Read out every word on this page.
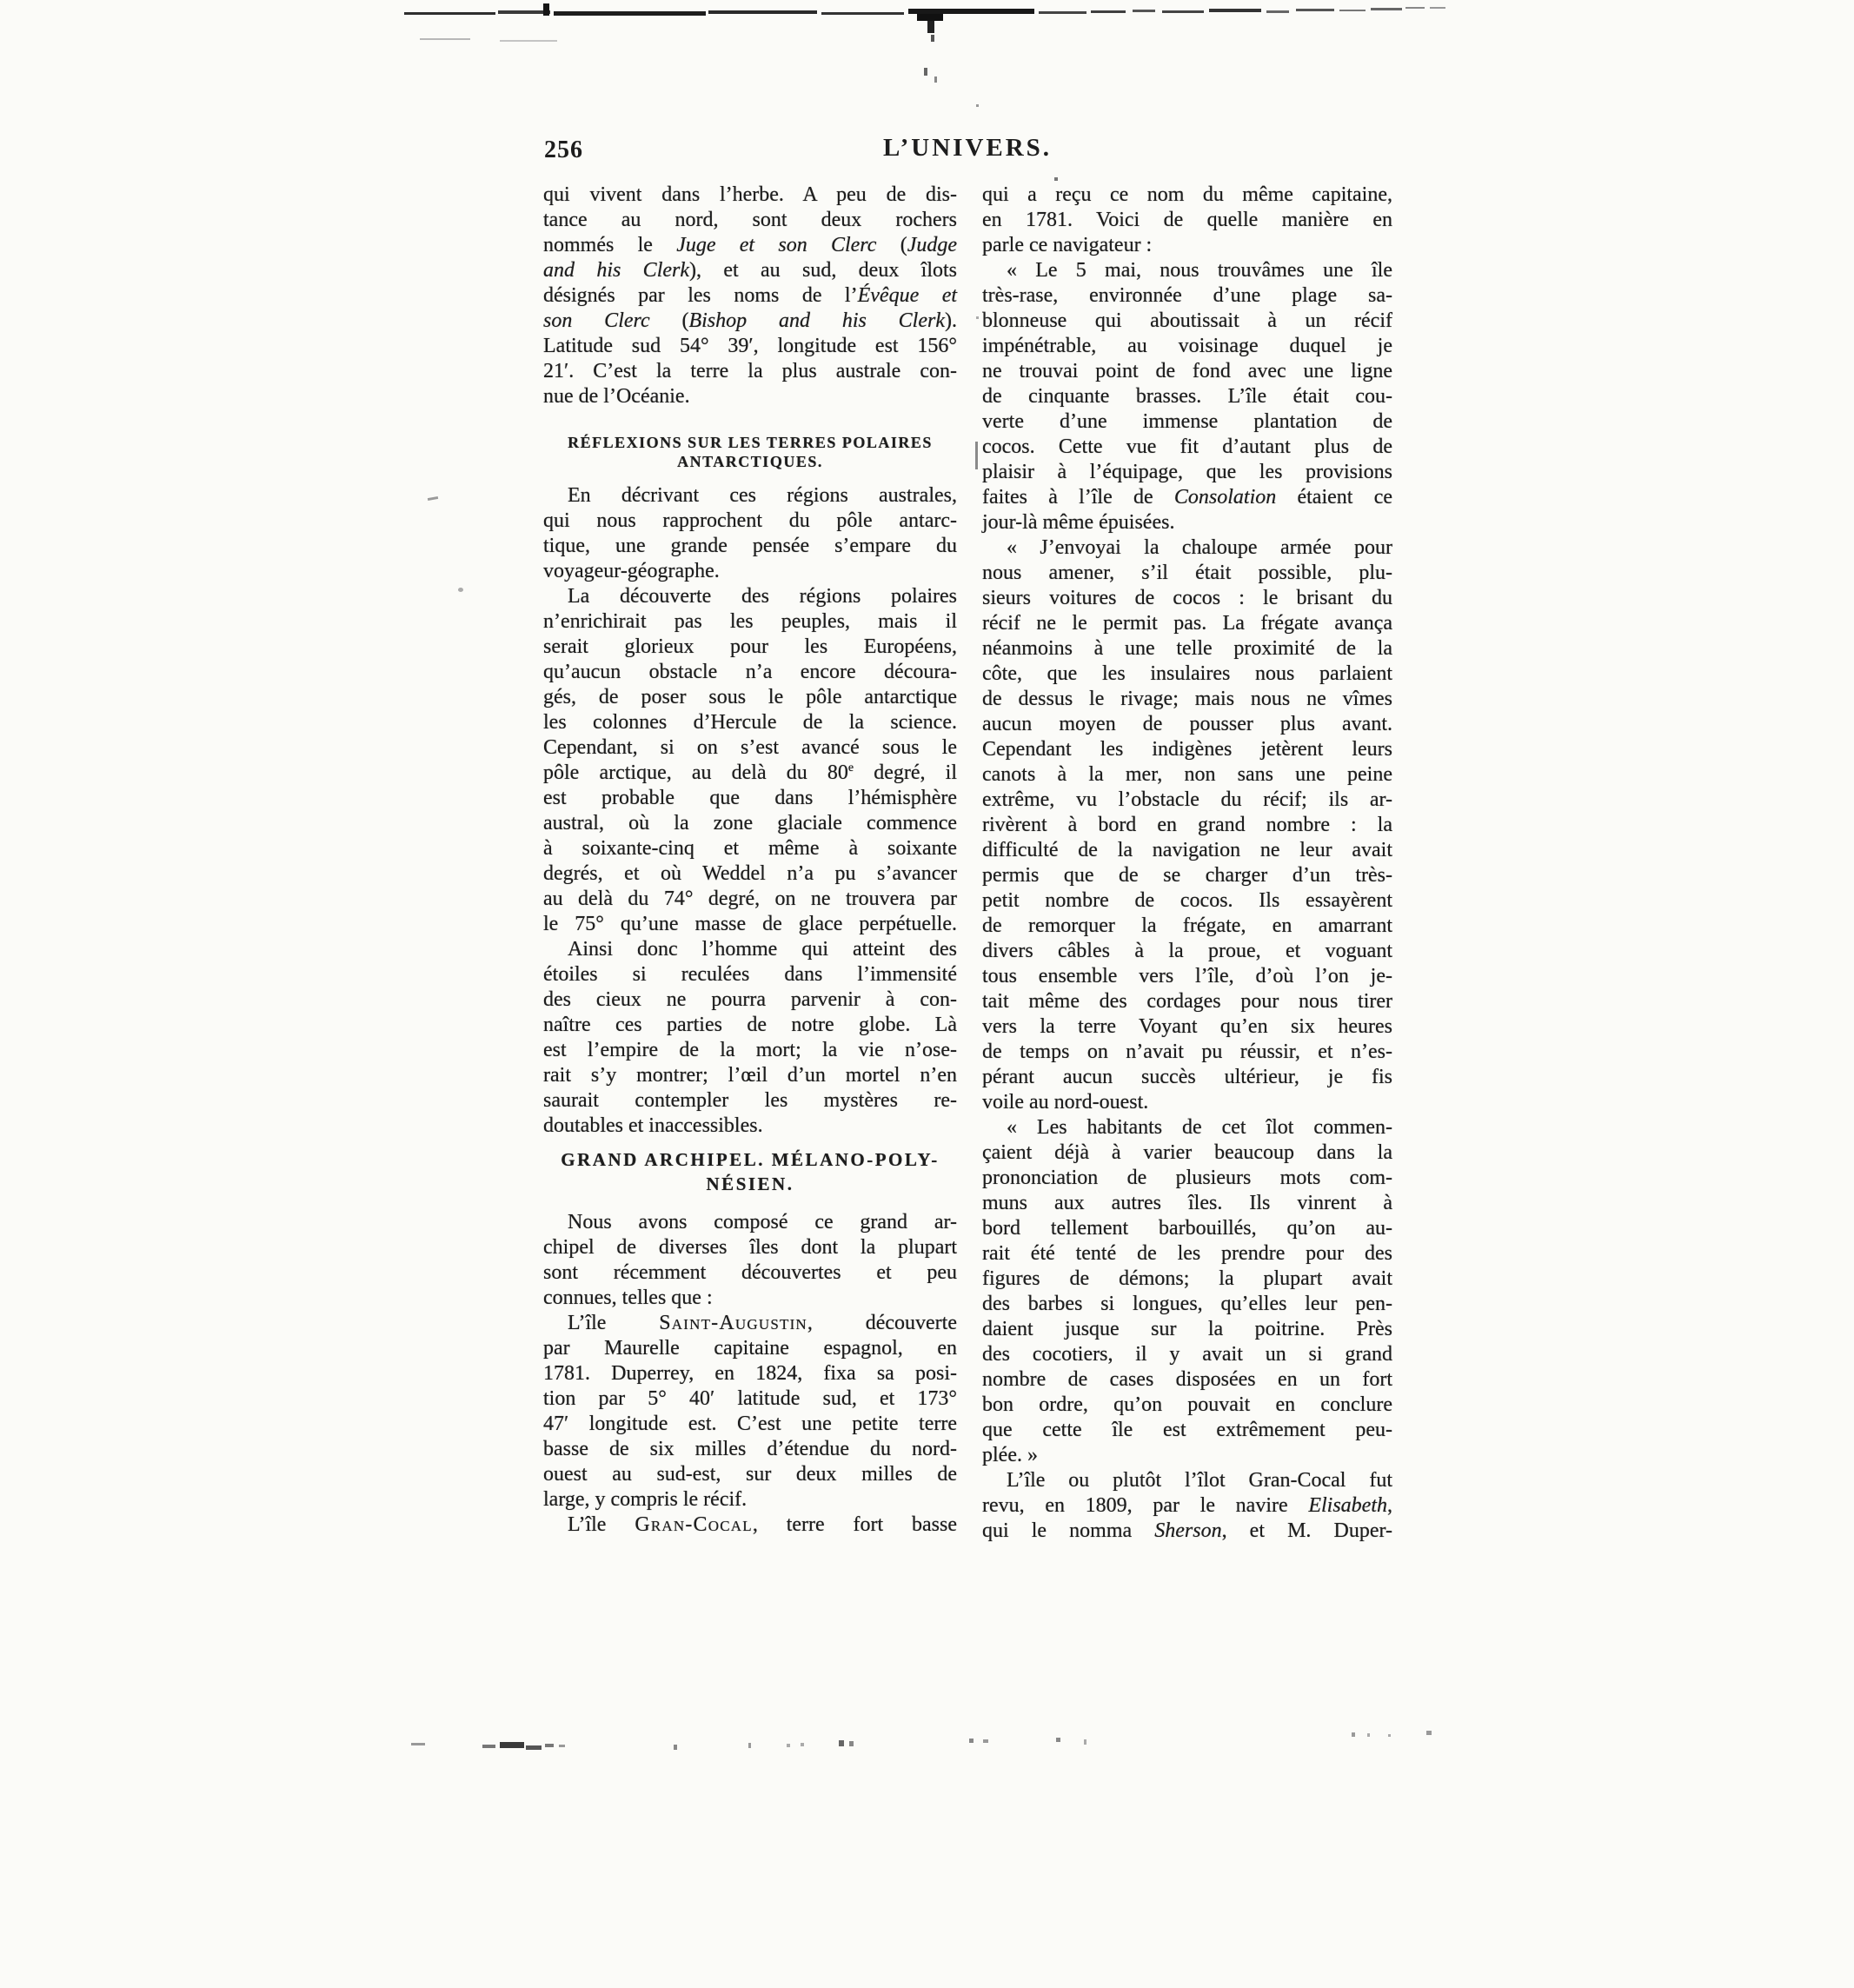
256	L’UNIVERS.
qui vivent dans l’herbe. A peu de dis-
tance au nord, sont deux rochers
nommés le Juge et son Clerc (Judge
and his Clerk), et au sud, deux îlots
désignés par les noms de l’Évêque et
son Clerc (Bishop and his Clerk).
Latitude sud 54° 39′, longitude est 156°
21′. C’est la terre la plus australe con-
nue de l’Océanie.
RÉFLEXIONS SUR LES TERRES POLAIRES
ANTARCTIQUES.
En décrivant ces régions australes,
qui nous rapprochent du pôle antarc-
tique, une grande pensée s’empare du
voyageur-géographe.
La découverte des régions polaires
n’enrichirait pas les peuples, mais il
serait glorieux pour les Européens,
qu’aucun obstacle n’a encore découra-
gés, de poser sous le pôle antarctique
les colonnes d’Hercule de la science.
Cependant, si on s’est avancé sous le
pôle arctique, au delà du 80e degré, il
est probable que dans l’hémisphère
austral, où la zone glaciale commence
à soixante-cinq et même à soixante
degrés, et où Weddel n’a pu s’avancer
au delà du 74° degré, on ne trouvera par
le 75° qu’une masse de glace perpétuelle.
Ainsi donc l’homme qui atteint des
étoiles si reculées dans l’immensité
des cieux ne pourra parvenir à con-
naître ces parties de notre globe. Là
est l’empire de la mort; la vie n’ose-
rait s’y montrer; l’œil d’un mortel n’en
saurait contempler les mystères re-
doutables et inaccessibles.
GRAND ARCHIPEL. MÉLANO-POLY-
NÉSIEN.
Nous avons composé ce grand ar-
chipel de diverses îles dont la plupart
sont récemment découvertes et peu
connues, telles que :
L’île Saint-Augustin, découverte
par Maurelle capitaine espagnol, en
1781. Duperrey, en 1824, fixa sa posi-
tion par 5° 40′ latitude sud, et 173°
47′ longitude est. C’est une petite terre
basse de six milles d’étendue du nord-
ouest au sud-est, sur deux milles de
large, y compris le récif.
L’île Gran-Cocal, terre fort basse
qui a reçu ce nom du même capitaine,
en 1781. Voici de quelle manière en
parle ce navigateur :
« Le 5 mai, nous trouvâmes une île
très-rase, environnée d’une plage sa-
blonneuse qui aboutissait à un récif
impénétrable, au voisinage duquel je
ne trouvai point de fond avec une ligne
de cinquante brasses. L’île était cou-
verte d’une immense plantation de
cocos. Cette vue fit d’autant plus de
plaisir à l’équipage, que les provisions
faites à l’île de Consolation étaient ce
jour-là même épuisées.
« J’envoyai la chaloupe armée pour
nous amener, s’il était possible, plu-
sieurs voitures de cocos : le brisant du
récif ne le permit pas. La frégate avança
néanmoins à une telle proximité de la
côte, que les insulaires nous parlaient
de dessus le rivage; mais nous ne vîmes
aucun moyen de pousser plus avant.
Cependant les indigènes jetèrent leurs
canots à la mer, non sans une peine
extrême, vu l’obstacle du récif; ils ar-
rivèrent à bord en grand nombre : la
difficulté de la navigation ne leur avait
permis que de se charger d’un très-
petit nombre de cocos. Ils essayèrent
de remorquer la frégate, en amarrant
divers câbles à la proue, et voguant
tous ensemble vers l’île, d’où l’on je-
tait même des cordages pour nous tirer
vers la terre Voyant qu’en six heures
de temps on n’avait pu réussir, et n’es-
pérant aucun succès ultérieur, je fis
voile au nord-ouest.
« Les habitants de cet îlot commen-
çaient déjà à varier beaucoup dans la
prononciation de plusieurs mots com-
muns aux autres îles. Ils vinrent à
bord tellement barbouillés, qu’on au-
rait été tenté de les prendre pour des
figures de démons; la plupart avait
des barbes si longues, qu’elles leur pen-
daient jusque sur la poitrine. Près
des cocotiers, il y avait un si grand
nombre de cases disposées en un fort
bon ordre, qu’on pouvait en conclure
que cette île est extrêmement peu-
plée. »
L’île ou plutôt l’îlot Gran-Cocal fut
revu, en 1809, par le navire Elisabeth,
qui le nomma Sherson, et M. Duper-
